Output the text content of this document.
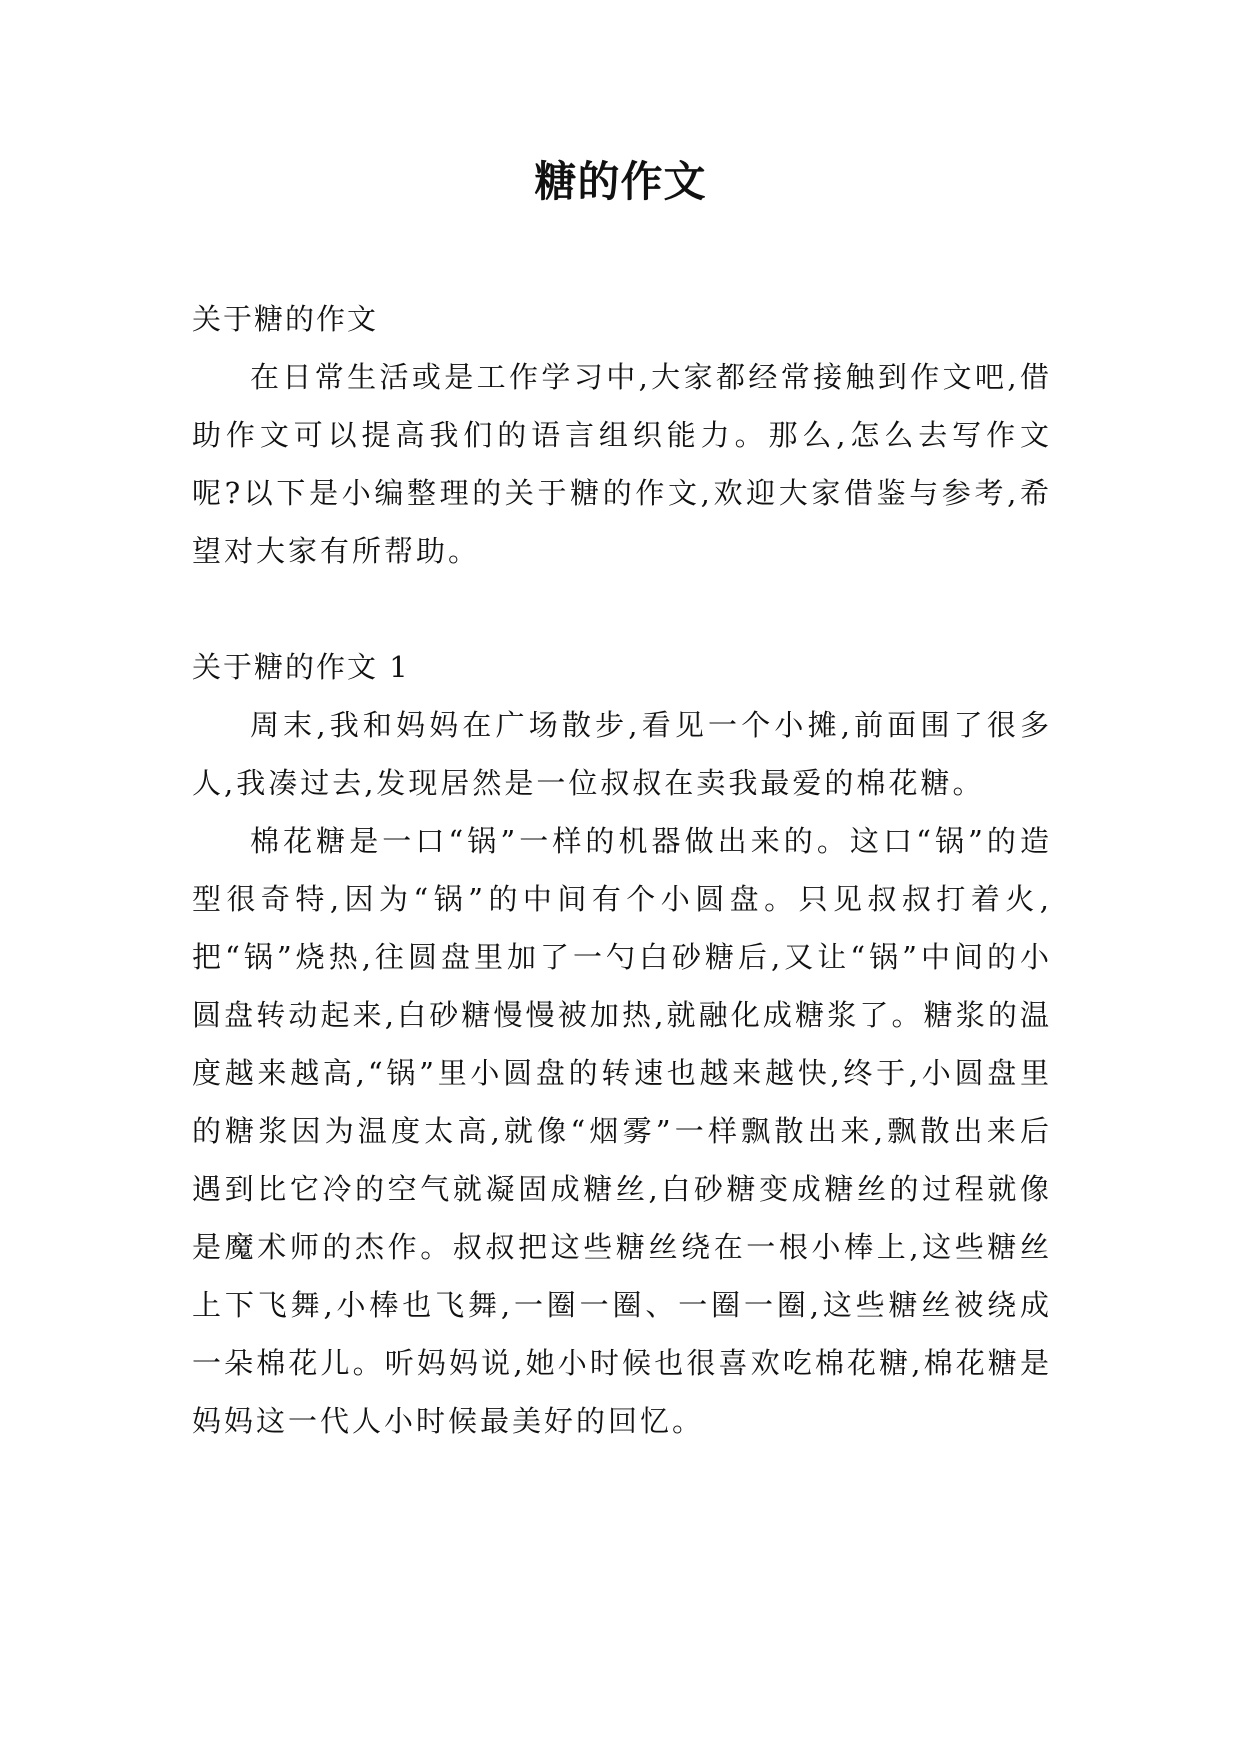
糖的作文

关于糖的作文

在日常生活或是工作学习中,大家都经常接触到作文吧,借助作文可以提高我们的语言组织能力。那么,怎么去写作文呢?以下是小编整理的关于糖的作文,欢迎大家借鉴与参考,希望对大家有所帮助。

关于糖的作文 1

周末,我和妈妈在广场散步,看见一个小摊,前面围了很多人,我凑过去,发现居然是一位叔叔在卖我最爱的棉花糖。

棉花糖是一口“锅”一样的机器做出来的。这口“锅”的造型很奇特,因为“锅”的中间有个小圆盘。只见叔叔打着火,把“锅”烧热,往圆盘里加了一勺白砂糖后,又让“锅”中间的小圆盘转动起来,白砂糖慢慢被加热,就融化成糖浆了。糖浆的温度越来越高,“锅”里小圆盘的转速也越来越快,终于,小圆盘里的糖浆因为温度太高,就像“烟雾”一样飘散出来,飘散出来后遇到比它冷的空气就凝固成糖丝,白砂糖变成糖丝的过程就像是魔术师的杰作。叔叔把这些糖丝绕在一根小棒上,这些糖丝上下飞舞,小棒也飞舞,一圈一圈、一圈一圈,这些糖丝被绕成一朵棉花儿。听妈妈说,她小时候也很喜欢吃棉花糖,棉花糖是妈妈这一代人小时候最美好的回忆。
